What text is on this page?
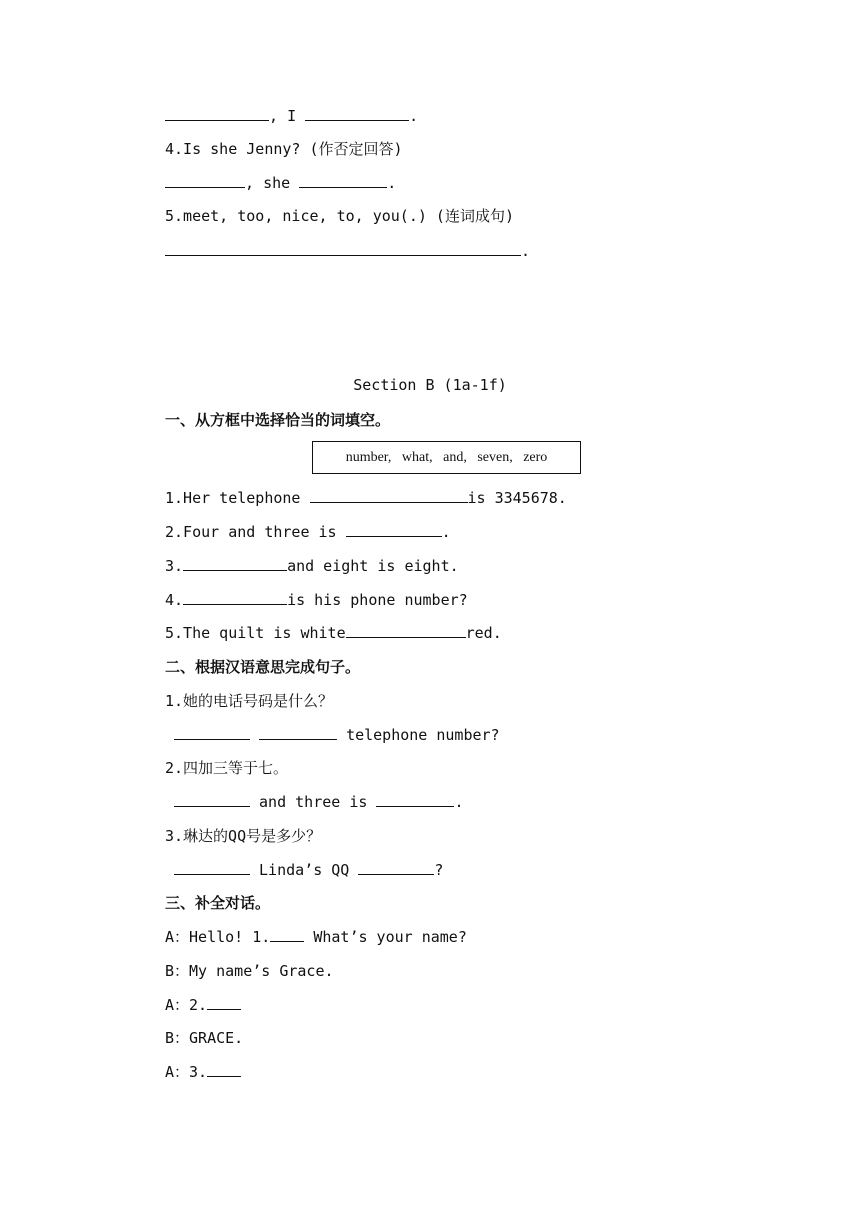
, I	.
4.Is she Jenny? (作否定回答)
, she	.
5.meet, too, nice, to, you(.) (连词成句)
.
Section B (1a-1f)
一、从方框中选择恰当的词填空。
number,   what,   and,   seven,   zero
1.Her telephone	is 3345678.
2.Four and three is	.
3.	and eight is eight.
4.	is his phone number?
5.The quilt is white	red.
二、根据汉语意思完成句子。
1.她的电话号码是什么？
telephone number?
2.四加三等于七。
and three is	.
3.琳达的QQ号是多少？
Linda’s QQ	?
三、补全对话。
A：Hello! 1. What’s your name?
B：My name’s Grace.
A：2.
B：GRACE.
A：3.
